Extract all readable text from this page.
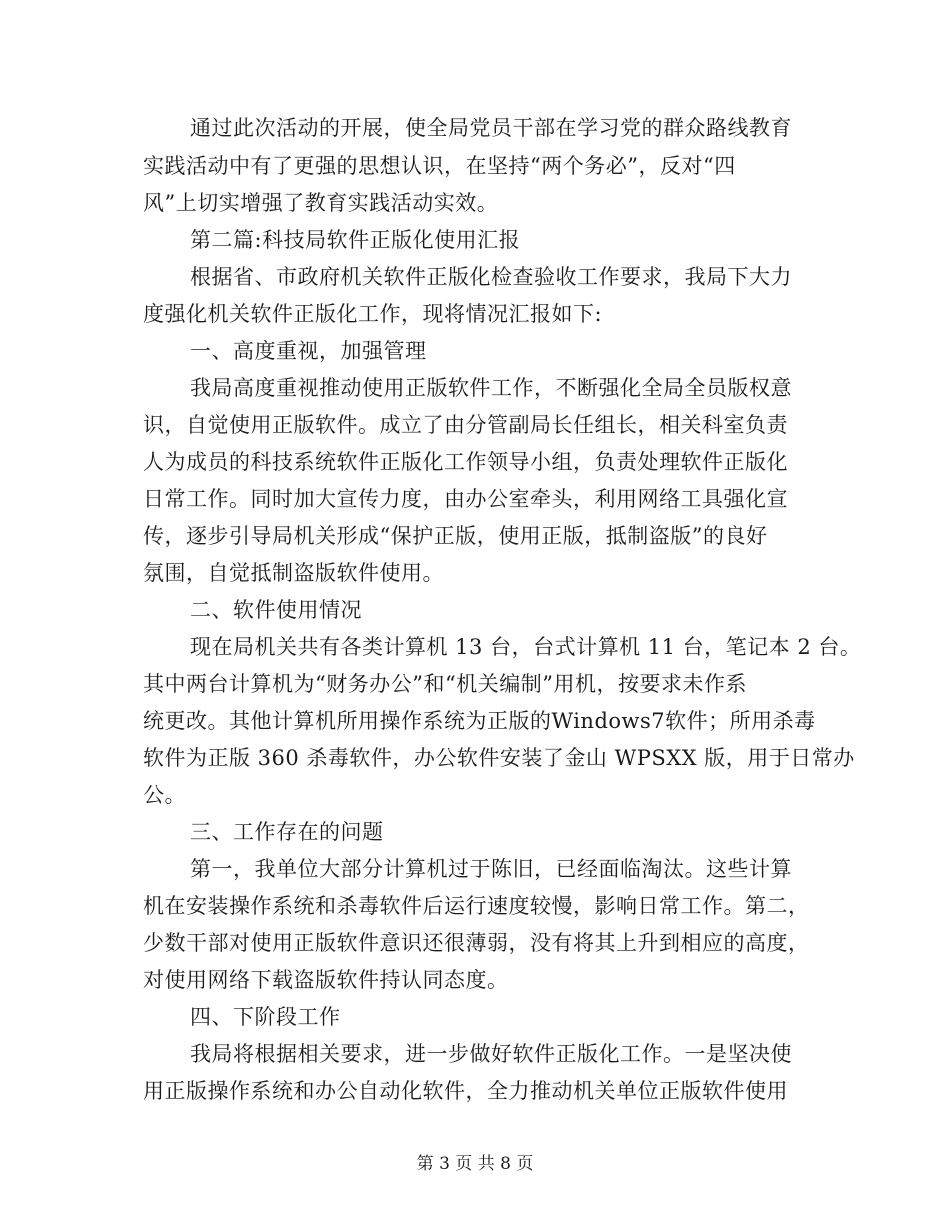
通过此次活动的开展，使全局党员干部在学习党的群众路线教育
实践活动中有了更强的思想认识，在坚持“两个务必”，反对“四
风”上切实增强了教育实践活动实效。
第二篇:科技局软件正版化使用汇报
根据省、市政府机关软件正版化检查验收工作要求，我局下大力
度强化机关软件正版化工作，现将情况汇报如下:
一、高度重视，加强管理
我局高度重视推动使用正版软件工作，不断强化全局全员版权意
识，自觉使用正版软件。成立了由分管副局长任组长，相关科室负责
人为成员的科技系统软件正版化工作领导小组，负责处理软件正版化
日常工作。同时加大宣传力度，由办公室牵头，利用网络工具强化宣
传，逐步引导局机关形成“保护正版，使用正版，抵制盗版”的良好
氛围，自觉抵制盗版软件使用。
二、软件使用情况
现在局机关共有各类计算机 13 台，台式计算机 11 台，笔记本 2 台。
其中两台计算机为“财务办公”和“机关编制”用机，按要求未作系
统更改。其他计算机所用操作系统为正版的Windows7软件；所用杀毒
软件为正版 360 杀毒软件，办公软件安装了金山 WPSXX 版，用于日常办
公。
三、工作存在的问题
第一，我单位大部分计算机过于陈旧，已经面临淘汰。这些计算
机在安装操作系统和杀毒软件后运行速度较慢，影响日常工作。第二，
少数干部对使用正版软件意识还很薄弱，没有将其上升到相应的高度，
对使用网络下载盗版软件持认同态度。
四、下阶段工作
我局将根据相关要求，进一步做好软件正版化工作。一是坚决使
用正版操作系统和办公自动化软件，全力推动机关单位正版软件使用
第 3 页 共 8 页
